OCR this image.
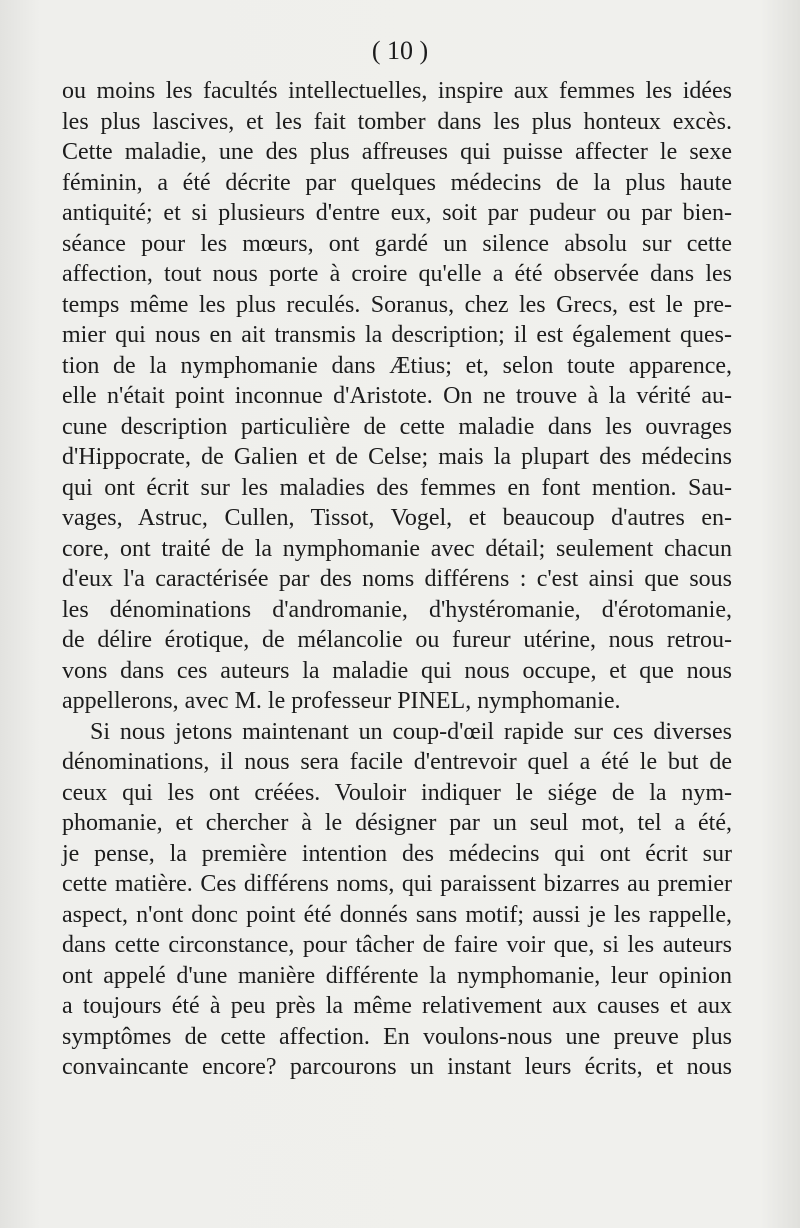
( 10 )
ou moins les facultés intellectuelles, inspire aux femmes les idées
les plus lascives, et les fait tomber dans les plus honteux excès.
Cette maladie, une des plus affreuses qui puisse affecter le sexe
féminin, a été décrite par quelques médecins de la plus haute
antiquité; et si plusieurs d'entre eux, soit par pudeur ou par bien-
séance pour les mœurs, ont gardé un silence absolu sur cette
affection, tout nous porte à croire qu'elle a été observée dans les
temps même les plus reculés. Soranus, chez les Grecs, est le pre-
mier qui nous en ait transmis la description; il est également ques-
tion de la nymphomanie dans Ætius; et, selon toute apparence,
elle n'était point inconnue d'Aristote. On ne trouve à la vérité au-
cune description particulière de cette maladie dans les ouvrages
d'Hippocrate, de Galien et de Celse; mais la plupart des médecins
qui ont écrit sur les maladies des femmes en font mention. Sau-
vages, Astruc, Cullen, Tissot, Vogel, et beaucoup d'autres en-
core, ont traité de la nymphomanie avec détail; seulement chacun
d'eux l'a caractérisée par des noms différens : c'est ainsi que sous
les dénominations d'andromanie, d'hystéromanie, d'érotomanie,
de délire érotique, de mélancolie ou fureur utérine, nous retrou-
vons dans ces auteurs la maladie qui nous occupe, et que nous
appellerons, avec M. le professeur PINEL, nymphomanie.
Si nous jetons maintenant un coup-d'œil rapide sur ces diverses
dénominations, il nous sera facile d'entrevoir quel a été le but de
ceux qui les ont créées. Vouloir indiquer le siége de la nym-
phomanie, et chercher à le désigner par un seul mot, tel a été,
je pense, la première intention des médecins qui ont écrit sur
cette matière. Ces différens noms, qui paraissent bizarres au premier
aspect, n'ont donc point été donnés sans motif; aussi je les rappelle,
dans cette circonstance, pour tâcher de faire voir que, si les auteurs
ont appelé d'une manière différente la nymphomanie, leur opinion
a toujours été à peu près la même relativement aux causes et aux
symptômes de cette affection. En voulons-nous une preuve plus
convaincante encore? parcourons un instant leurs écrits, et nous
